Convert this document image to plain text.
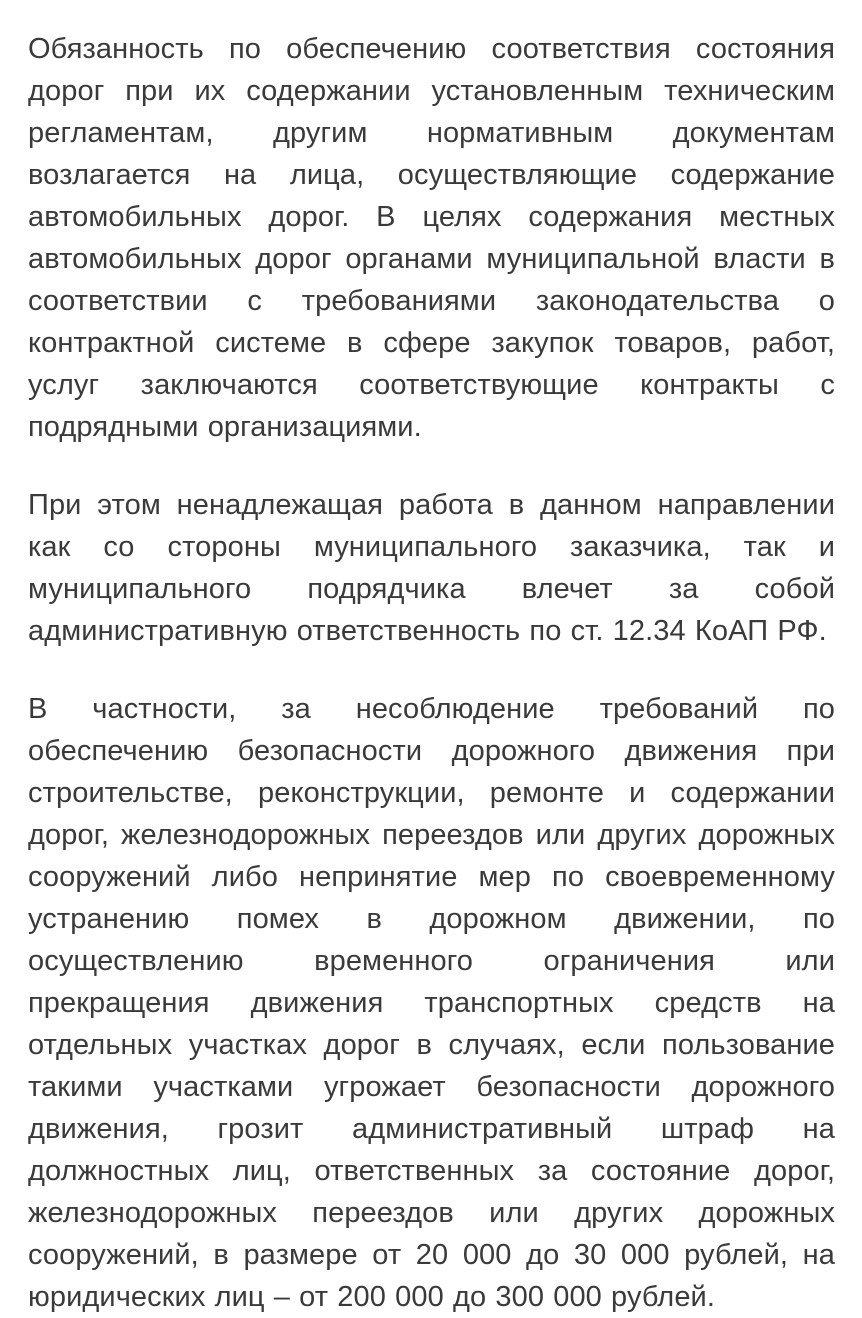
Обязанность по обеспечению соответствия состояния дорог при их содержании установленным техническим регламентам, другим нормативным документам возлагается на лица, осуществляющие содержание автомобильных дорог. В целях содержания местных автомобильных дорог органами муниципальной власти в соответствии с требованиями законодательства о контрактной системе в сфере закупок товаров, работ, услуг заключаются соответствующие контракты с подрядными организациями.

При этом ненадлежащая работа в данном направлении как со стороны муниципального заказчика, так и муниципального подрядчика влечет за собой административную ответственность по ст. 12.34 КоАП РФ.

В частности, за несоблюдение требований по обеспечению безопасности дорожного движения при строительстве, реконструкции, ремонте и содержании дорог, железнодорожных переездов или других дорожных сооружений либо непринятие мер по своевременному устранению помех в дорожном движении, по осуществлению временного ограничения или прекращения движения транспортных средств на отдельных участках дорог в случаях, если пользование такими участками угрожает безопасности дорожного движения, грозит административный штраф на должностных лиц, ответственных за состояние дорог, железнодорожных переездов или других дорожных сооружений, в размере от 20 000 до 30 000 рублей, на юридических лиц – от 200 000 до 300 000 рублей.
